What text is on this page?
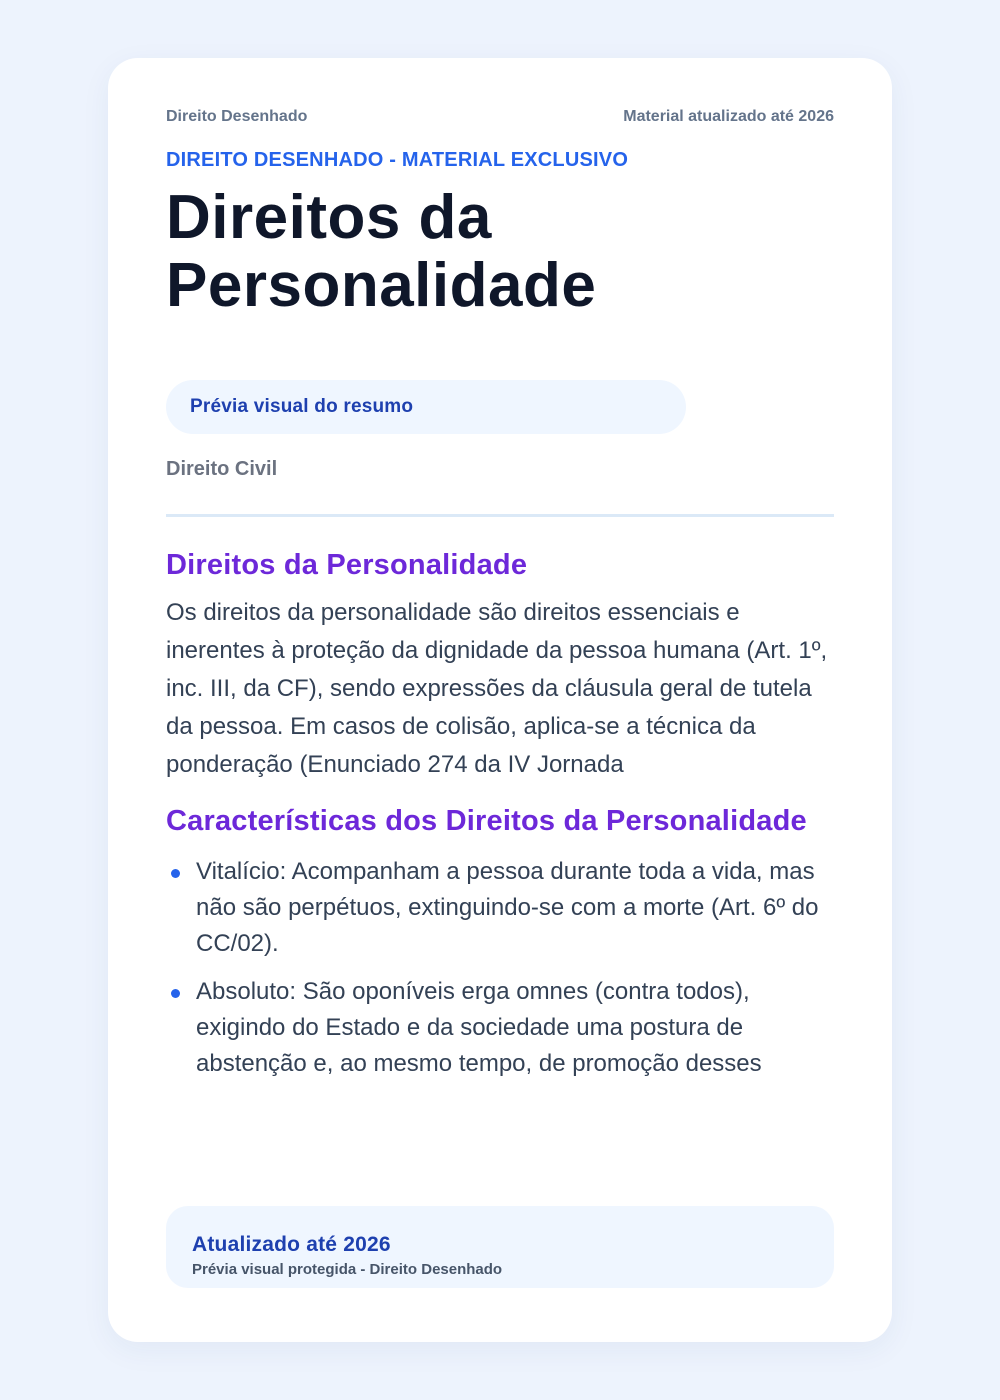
Direito Desenhado	Material atualizado até 2026
DIREITO DESENHADO - MATERIAL EXCLUSIVO
Direitos da Personalidade
Prévia visual do resumo
Direito Civil
Direitos da Personalidade

Os direitos da personalidade são direitos essenciais e inerentes à proteção da dignidade da pessoa humana (Art. 1º, inc. III, da CF), sendo expressões da cláusula geral de tutela da pessoa. Em casos de colisão, aplica-se a técnica da ponderação (Enunciado 274 da IV Jornada

Características dos Direitos da Personalidade
Vitalício: Acompanham a pessoa durante toda a vida, mas não são perpétuos, extinguindo-se com a morte (Art. 6º do CC/02).
Absoluto: São oponíveis erga omnes (contra todos), exigindo do Estado e da sociedade uma postura de abstenção e, ao mesmo tempo, de promoção desses
Atualizado até 2026
Prévia visual protegida - Direito Desenhado
